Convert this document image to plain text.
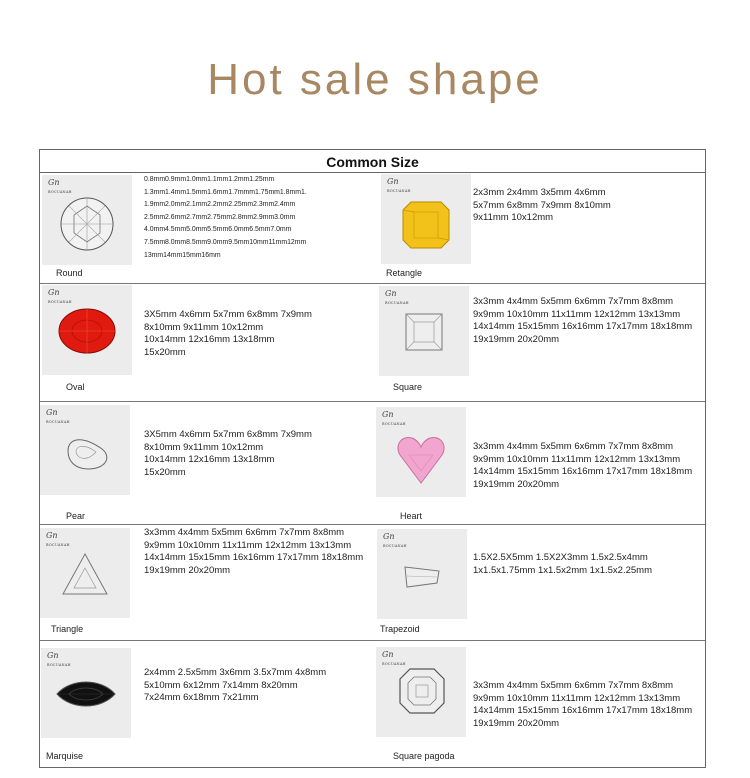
Hot sale shape
Common Size
Gn
BOCUANAH
Round
0.8mm0.9mm1.0mm1.1mm1.2mm1.25mm
1.3mm1.4mm1.5mm1.6mm1.7mmm1.75mm1.8mm1.
1.9mm2.0mm2.1mm2.2mm2.25mm2.3mm2.4mm
2.5mm2.6mm2.7mm2.75mm2.8mm2.9mm3.0mm
4.0mm4.5mm5.0mm5.5mm6.0mm6.5mm7.0mm
7.5mm8.0mm8.5mm9.0mm9.5mm10mm11mm12mm
13mm14mm15mm16mm
Gn
BOCUANAH
Retangle
2x3mm 2x4mm 3x5mm 4x6mm
5x7mm 6x8mm 7x9mm 8x10mm
9x11mm 10x12mm
Gn
BOCUANAH
Oval
3X5mm 4x6mm 5x7mm 6x8mm 7x9mm
8x10mm 9x11mm 10x12mm
10x14mm 12x16mm 13x18mm
15x20mm
Gn
BOCUANAH
Square
3x3mm 4x4mm 5x5mm 6x6mm 7x7mm 8x8mm
9x9mm 10x10mm 11x11mm 12x12mm 13x13mm
14x14mm 15x15mm 16x16mm 17x17mm 18x18mm
19x19mm 20x20mm
Gn
BOCUANAH
Pear
3X5mm 4x6mm 5x7mm 6x8mm 7x9mm
8x10mm 9x11mm 10x12mm
10x14mm 12x16mm 13x18mm
15x20mm
Gn
BOCUANAH
Heart
3x3mm 4x4mm 5x5mm 6x6mm 7x7mm 8x8mm
9x9mm 10x10mm 11x11mm 12x12mm 13x13mm
14x14mm 15x15mm 16x16mm 17x17mm 18x18mm
19x19mm 20x20mm
Gn
BOCUANAH
Triangle
3x3mm 4x4mm 5x5mm 6x6mm 7x7mm 8x8mm
9x9mm 10x10mm 11x11mm 12x12mm 13x13mm
14x14mm 15x15mm 16x16mm 17x17mm 18x18mm
19x19mm 20x20mm
Gn
BOCUANAH
Trapezoid
1.5X2.5X5mm 1.5X2X3mm 1.5x2.5x4mm
1x1.5x1.75mm 1x1.5x2mm 1x1.5x2.25mm
Gn
BOCUANAH
Marquise
2x4mm 2.5x5mm 3x6mm 3.5x7mm 4x8mm
5x10mm 6x12mm 7x14mm 8x20mm
7x24mm 6x18mm 7x21mm
Gn
BOCUANAH
Square pagoda
3x3mm 4x4mm 5x5mm 6x6mm 7x7mm 8x8mm
9x9mm 10x10mm 11x11mm 12x12mm 13x13mm
14x14mm 15x15mm 16x16mm 17x17mm 18x18mm
19x19mm 20x20mm
